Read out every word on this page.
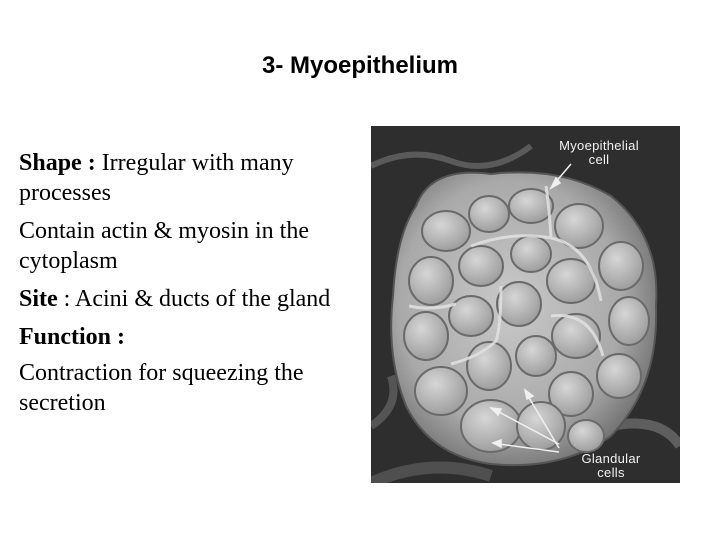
3- Myoepithelium

Shape : Irregular with many processes

Contain actin & myosin in the cytoplasm

Site : Acini & ducts of the gland

Function :

Contraction for squeezing the secretion

Myoepithelial
cell
Glandular
cells
